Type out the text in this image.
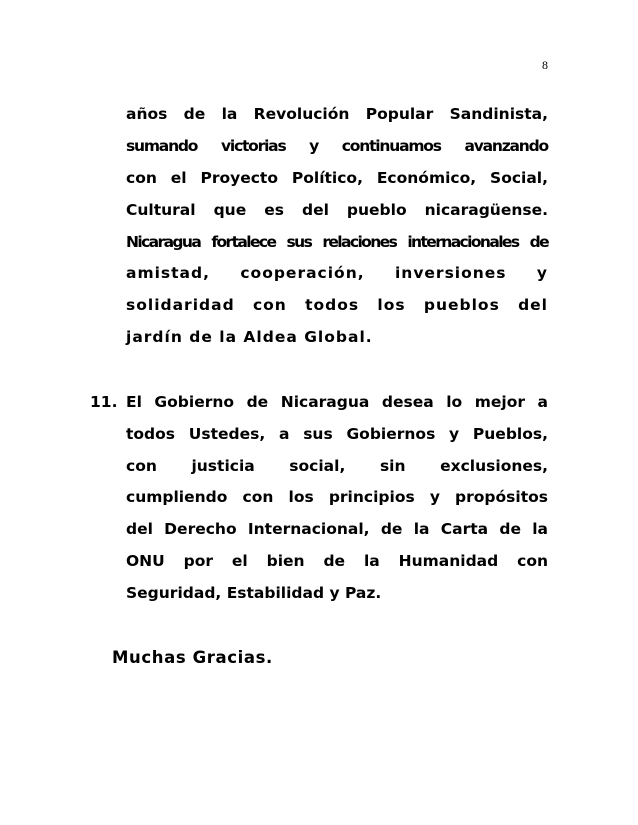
8
años de la Revolución Popular Sandinista,
sumando victorias y continuamos avanzando
con el Proyecto Político, Económico, Social,
Cultural que es del pueblo nicaragüense.
Nicaragua fortalece sus relaciones internacionales de
amistad, cooperación, inversiones y
solidaridad con todos los pueblos del
jardín de la Aldea Global.
11. El Gobierno de Nicaragua desea lo mejor a
todos Ustedes, a sus Gobiernos y Pueblos,
con justicia social, sin exclusiones,
cumpliendo con los principios y propósitos
del Derecho Internacional, de la Carta de la
ONU por el bien de la Humanidad con
Seguridad, Estabilidad y Paz.
Muchas Gracias.
